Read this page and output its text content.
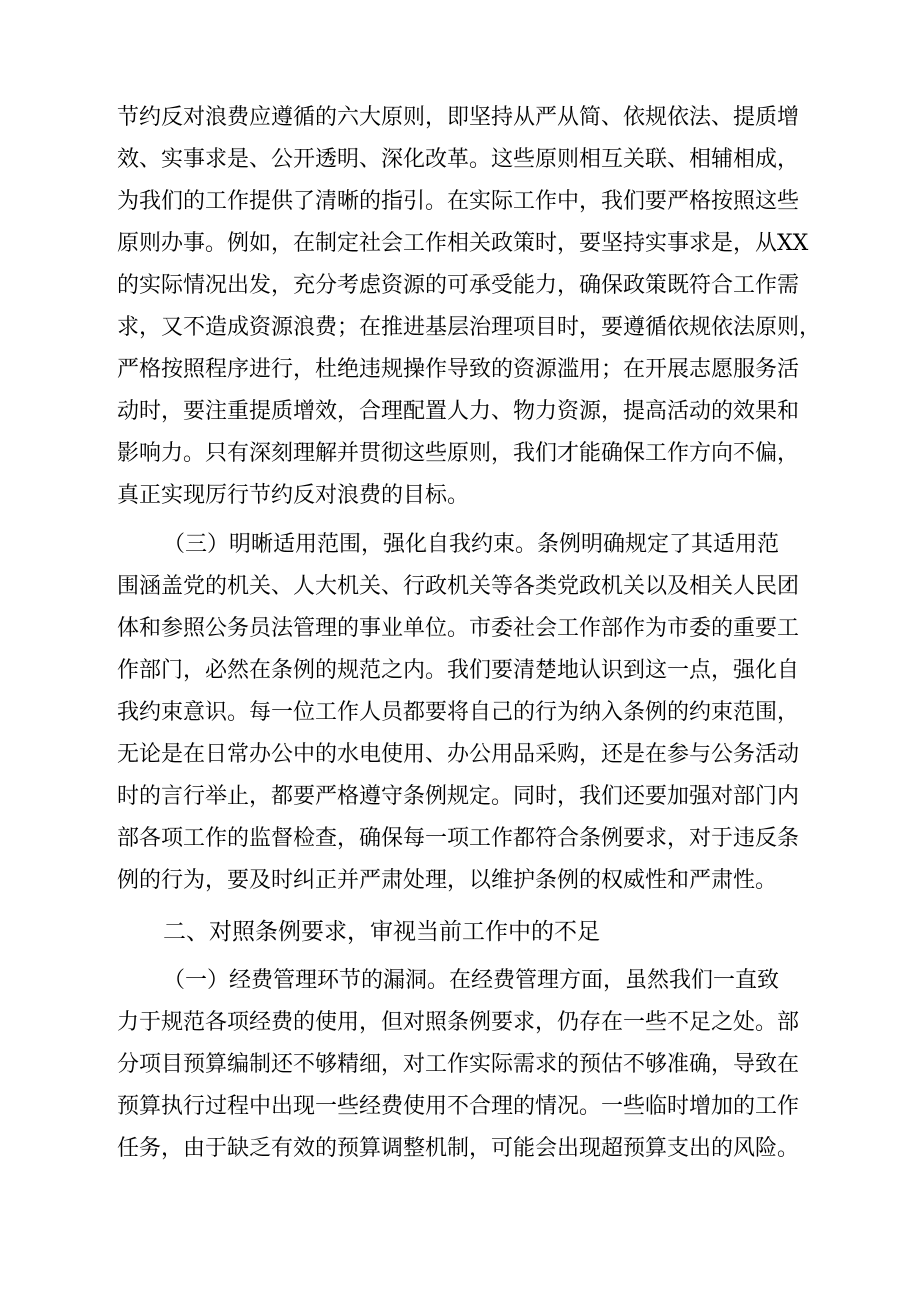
节约反对浪费应遵循的六大原则，即坚持从严从简、依规依法、提质增
效、实事求是、公开透明、深化改革。这些原则相互关联、相辅相成，
为我们的工作提供了清晰的指引。在实际工作中，我们要严格按照这些
原则办事。例如，在制定社会工作相关政策时，要坚持实事求是，从XX
的实际情况出发，充分考虑资源的可承受能力，确保政策既符合工作需
求，又不造成资源浪费；在推进基层治理项目时，要遵循依规依法原则，
严格按照程序进行，杜绝违规操作导致的资源滥用；在开展志愿服务活
动时，要注重提质增效，合理配置人力、物力资源，提高活动的效果和
影响力。只有深刻理解并贯彻这些原则，我们才能确保工作方向不偏，
真正实现厉行节约反对浪费的目标。
（三）明晰适用范围，强化自我约束。条例明确规定了其适用范
围涵盖党的机关、人大机关、行政机关等各类党政机关以及相关人民团
体和参照公务员法管理的事业单位。市委社会工作部作为市委的重要工
作部门，必然在条例的规范之内。我们要清楚地认识到这一点，强化自
我约束意识。每一位工作人员都要将自己的行为纳入条例的约束范围，
无论是在日常办公中的水电使用、办公用品采购，还是在参与公务活动
时的言行举止，都要严格遵守条例规定。同时，我们还要加强对部门内
部各项工作的监督检查，确保每一项工作都符合条例要求，对于违反条
例的行为，要及时纠正并严肃处理，以维护条例的权威性和严肃性。
二、对照条例要求，审视当前工作中的不足
（一）经费管理环节的漏洞。在经费管理方面，虽然我们一直致
力于规范各项经费的使用，但对照条例要求，仍存在一些不足之处。部
分项目预算编制还不够精细，对工作实际需求的预估不够准确，导致在
预算执行过程中出现一些经费使用不合理的情况。一些临时增加的工作
任务，由于缺乏有效的预算调整机制，可能会出现超预算支出的风险。
